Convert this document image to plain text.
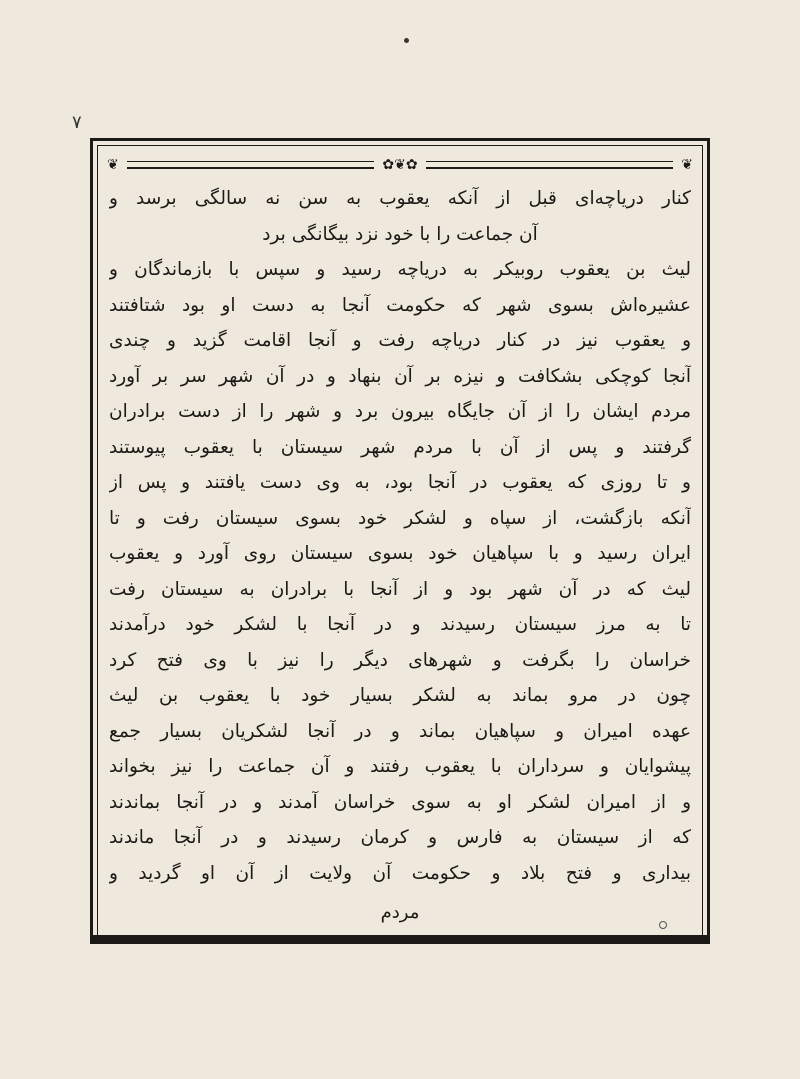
۷
❦	✿❦✿	❦
کنار دریاچه‌ای قبل از آنکه یعقوب به سن نه سالگی برسد و
آن جماعت را با خود نزد بیگانگی برد
لیث بن یعقوب روبیکر به دریاچه رسید و سپس با بازماندگان و
عشیره‌اش بسوی شهر که حکومت آنجا به دست او بود شتافتند
و یعقوب نیز در کنار دریاچه رفت و آنجا اقامت گزید و چندی
آنجا کوچکی بشکافت و نیزه بر آن بنهاد و در آن شهر سر بر آورد
مردم ایشان را از آن جایگاه بیرون برد و شهر را از دست برادران
گرفتند و پس از آن با مردم شهر سیستان با یعقوب پیوستند
و تا روزی که یعقوب در آنجا بود، به وی دست یافتند و پس از
آنکه بازگشت، از سپاه و لشکر خود بسوی سیستان رفت و تا
ایران رسید و با سپاهیان خود بسوی سیستان روی آورد و یعقوب
لیث که در آن شهر بود و از آنجا با برادران به سیستان رفت
تا به مرز سیستان رسیدند و در آنجا با لشکر خود درآمدند
خراسان را بگرفت و شهرهای دیگر را نیز با وی فتح کرد
چون در مرو بماند به لشکر بسیار خود با یعقوب بن لیث
عهده امیران و سپاهیان بماند و در آنجا لشکریان بسیار جمع
پیشوایان و سرداران با یعقوب رفتند و آن جماعت را نیز بخواند
و از امیران لشکر او به سوی خراسان آمدند و در آنجا بماندند
که از سیستان به فارس و کرمان رسیدند و در آنجا ماندند
بیداری و فتح بلاد و حکومت آن ولایت از آن او گردید و
مردم
